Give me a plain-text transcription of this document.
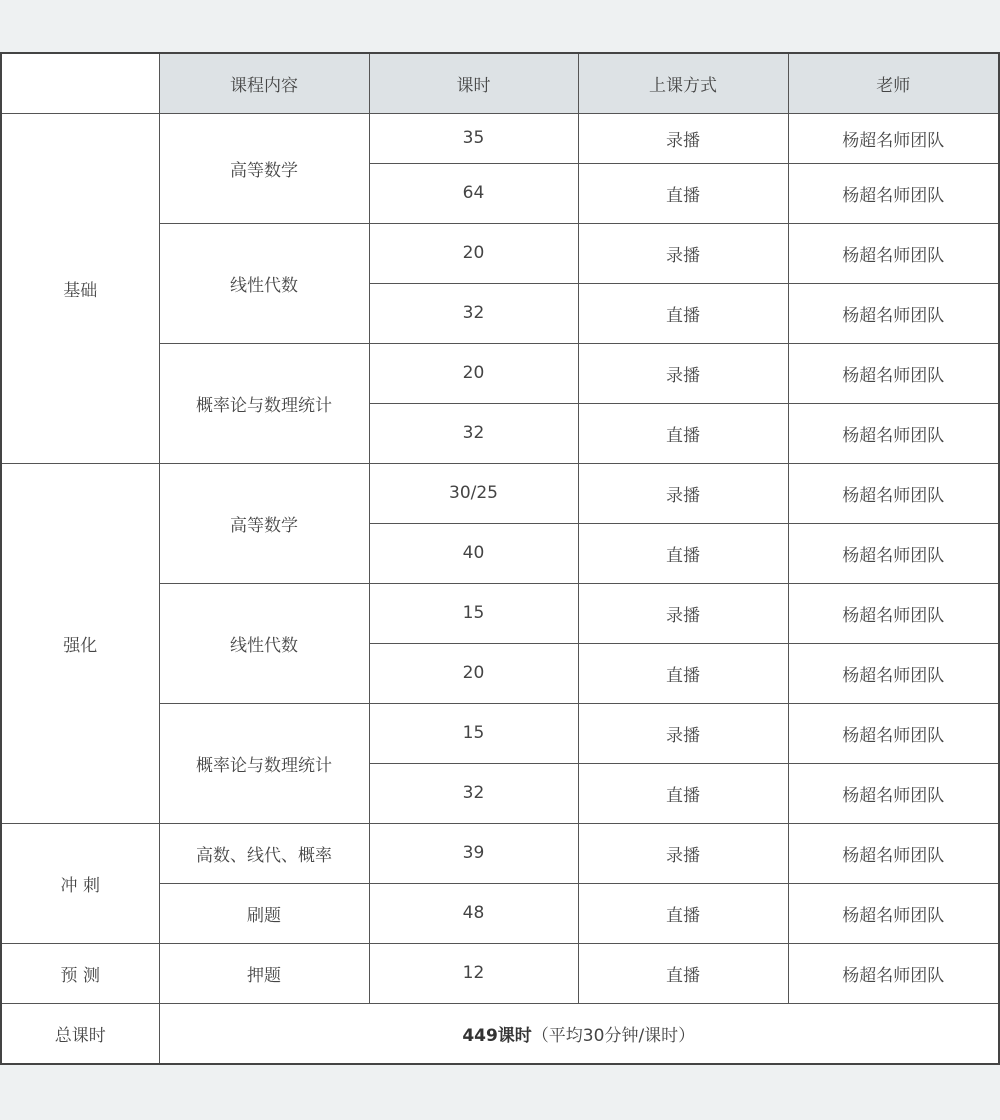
	课程内容	课时	上课方式	老师
基础	高等数学	35	录播	杨超名师团队
		64	直播	杨超名师团队
	线性代数	20	录播	杨超名师团队
		32	直播	杨超名师团队
	概率论与数理统计	20	录播	杨超名师团队
		32	直播	杨超名师团队
强化	高等数学	30/25	录播	杨超名师团队
		40	直播	杨超名师团队
	线性代数	15	录播	杨超名师团队
		20	直播	杨超名师团队
	概率论与数理统计	15	录播	杨超名师团队
		32	直播	杨超名师团队
冲 刺	高数、线代、概率	39	录播	杨超名师团队
	刷题	48	直播	杨超名师团队
预 测	押题	12	直播	杨超名师团队
总课时	449课时（平均30分钟/课时）			
